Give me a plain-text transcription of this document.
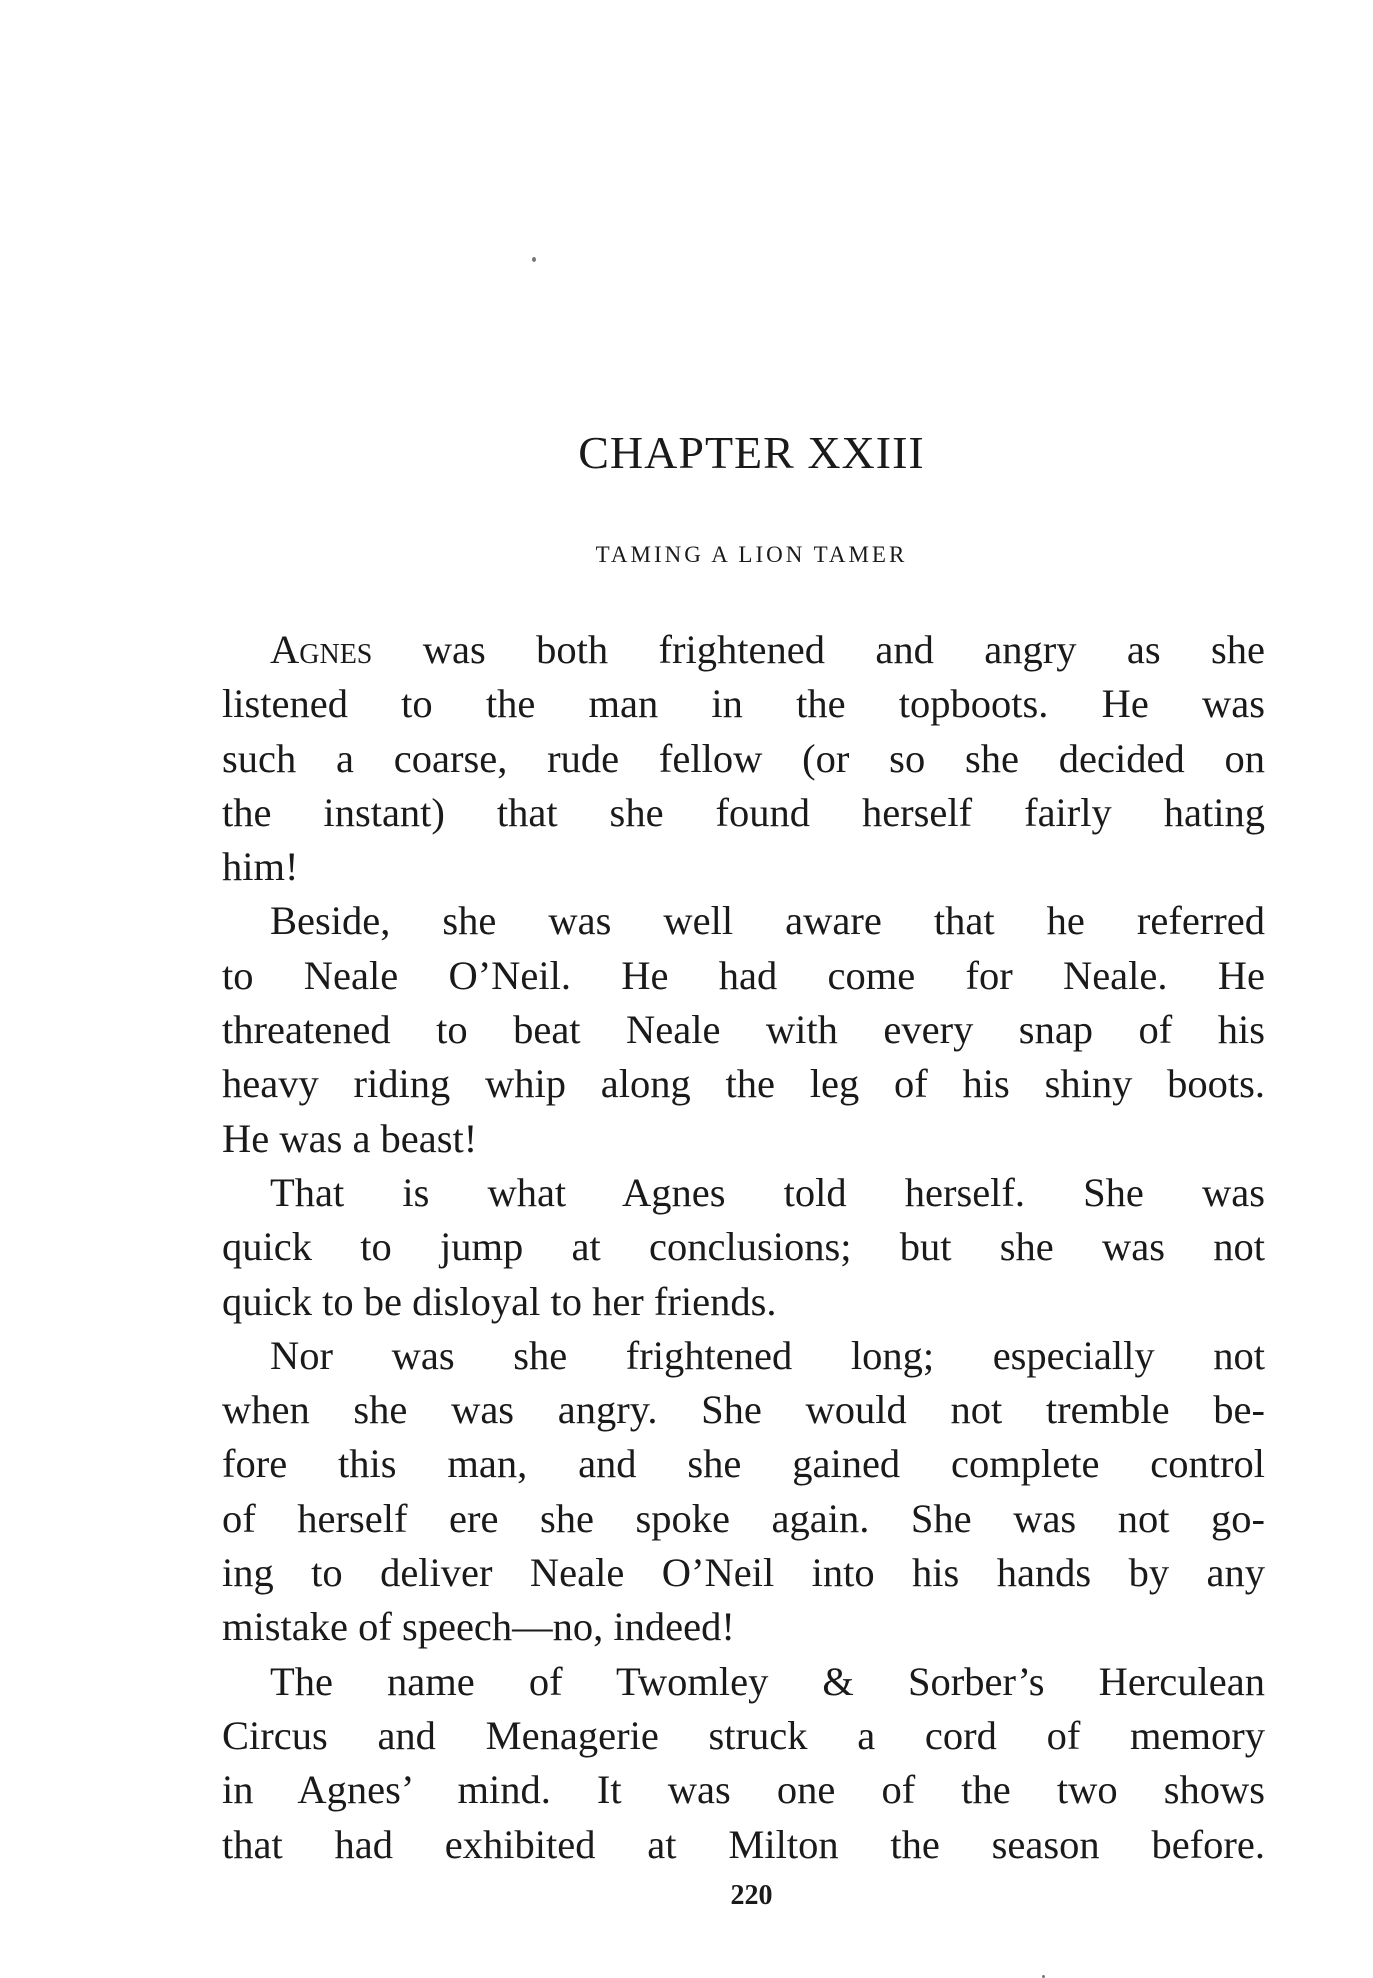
CHAPTER XXIII
TAMING A LION TAMER
Agnes was both frightened and angry as she
listened to the man in the topboots. He was
such a coarse, rude fellow (or so she decided on
the instant) that she found herself fairly hating
him!
Beside, she was well aware that he referred
to Neale O’Neil. He had come for Neale. He
threatened to beat Neale with every snap of his
heavy riding whip along the leg of his shiny boots.
He was a beast!
That is what Agnes told herself. She was
quick to jump at conclusions; but she was not
quick to be disloyal to her friends.
Nor was she frightened long; especially not
when she was angry. She would not tremble be-
fore this man, and she gained complete control
of herself ere she spoke again. She was not go-
ing to deliver Neale O’Neil into his hands by any
mistake of speech—no, indeed!
The name of Twomley & Sorber’s Herculean
Circus and Menagerie struck a cord of memory
in Agnes’ mind. It was one of the two shows
that had exhibited at Milton the season before.
220
